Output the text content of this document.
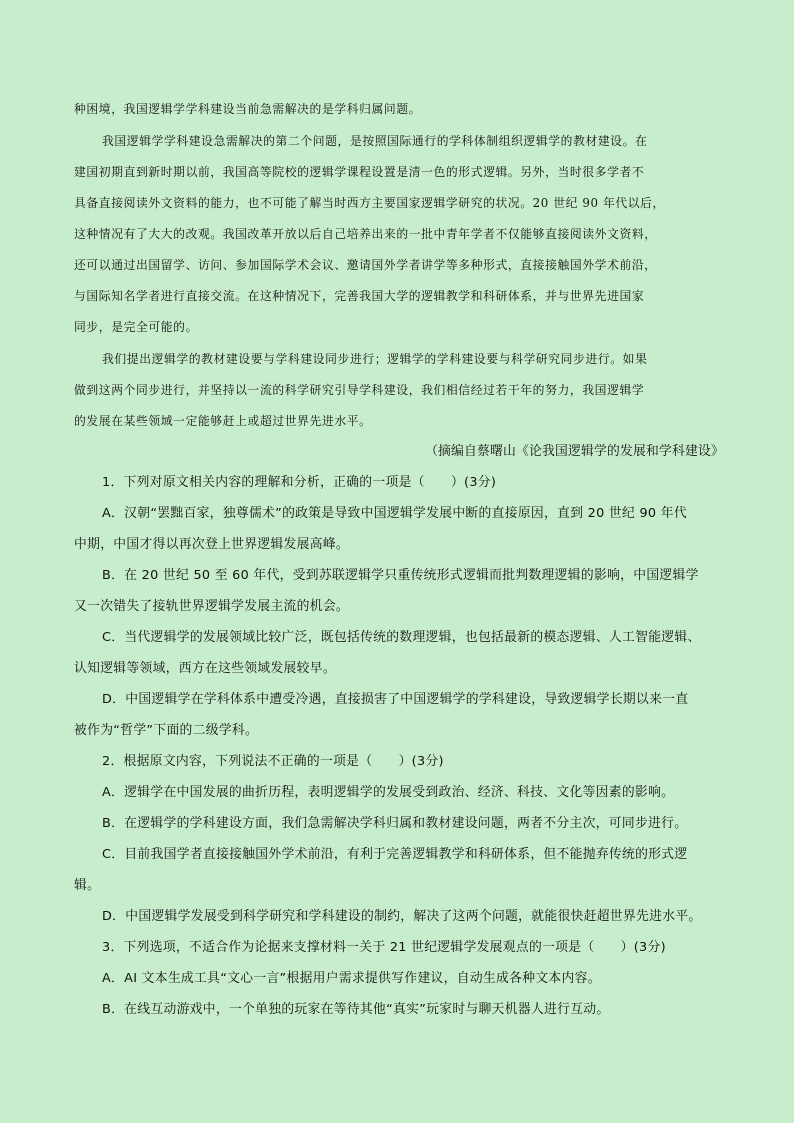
种困境，我国逻辑学学科建设当前急需解决的是学科归属问题。
我国逻辑学学科建设急需解决的第二个问题，是按照国际通行的学科体制组织逻辑学的教材建设。在
建国初期直到新时期以前，我国高等院校的逻辑学课程设置是清一色的形式逻辑。另外，当时很多学者不
具备直接阅读外文资料的能力，也不可能了解当时西方主要国家逻辑学研究的状况。20 世纪 90 年代以后，
这种情况有了大大的改观。我国改革开放以后自己培养出来的一批中青年学者不仅能够直接阅读外文资料，
还可以通过出国留学、访问、参加国际学术会议、邀请国外学者讲学等多种形式，直接接触国外学术前沿，
与国际知名学者进行直接交流。在这种情况下，完善我国大学的逻辑教学和科研体系，并与世界先进国家
同步，是完全可能的。
我们提出逻辑学的教材建设要与学科建设同步进行；逻辑学的学科建设要与科学研究同步进行。如果
做到这两个同步进行，并坚持以一流的科学研究引导学科建设，我们相信经过若干年的努力，我国逻辑学
的发展在某些领域一定能够赶上或超过世界先进水平。
（摘编自蔡曙山《论我国逻辑学的发展和学科建设》
1．下列对原文相关内容的理解和分析，正确的一项是（　　）(3分)
A．汉朝“罢黜百家，独尊儒术”的政策是导致中国逻辑学发展中断的直接原因，直到 20 世纪 90 年代
中期，中国才得以再次登上世界逻辑发展高峰。
B．在 20 世纪 50 至 60 年代，受到苏联逻辑学只重传统形式逻辑而批判数理逻辑的影响，中国逻辑学
又一次错失了接轨世界逻辑学发展主流的机会。
C．当代逻辑学的发展领域比较广泛，既包括传统的数理逻辑，也包括最新的模态逻辑、人工智能逻辑、
认知逻辑等领域，西方在这些领域发展较早。
D．中国逻辑学在学科体系中遭受冷遇，直接损害了中国逻辑学的学科建设，导致逻辑学长期以来一直
被作为“哲学”下面的二级学科。
2．根据原文内容，下列说法不正确的一项是（　　）(3分)
A．逻辑学在中国发展的曲折历程，表明逻辑学的发展受到政治、经济、科技、文化等因素的影响。
B．在逻辑学的学科建设方面，我们急需解决学科归属和教材建设问题，两者不分主次，可同步进行。
C．目前我国学者直接接触国外学术前沿，有利于完善逻辑教学和科研体系，但不能抛弃传统的形式逻
辑。
D．中国逻辑学发展受到科学研究和学科建设的制约，解决了这两个问题，就能很快赶超世界先进水平。
3．下列选项，不适合作为论据来支撑材料一关于 21 世纪逻辑学发展观点的一项是（　　）(3分)
A．AI 文本生成工具“文心一言”根据用户需求提供写作建议，自动生成各种文本内容。
B．在线互动游戏中，一个单独的玩家在等待其他“真实”玩家时与聊天机器人进行互动。
